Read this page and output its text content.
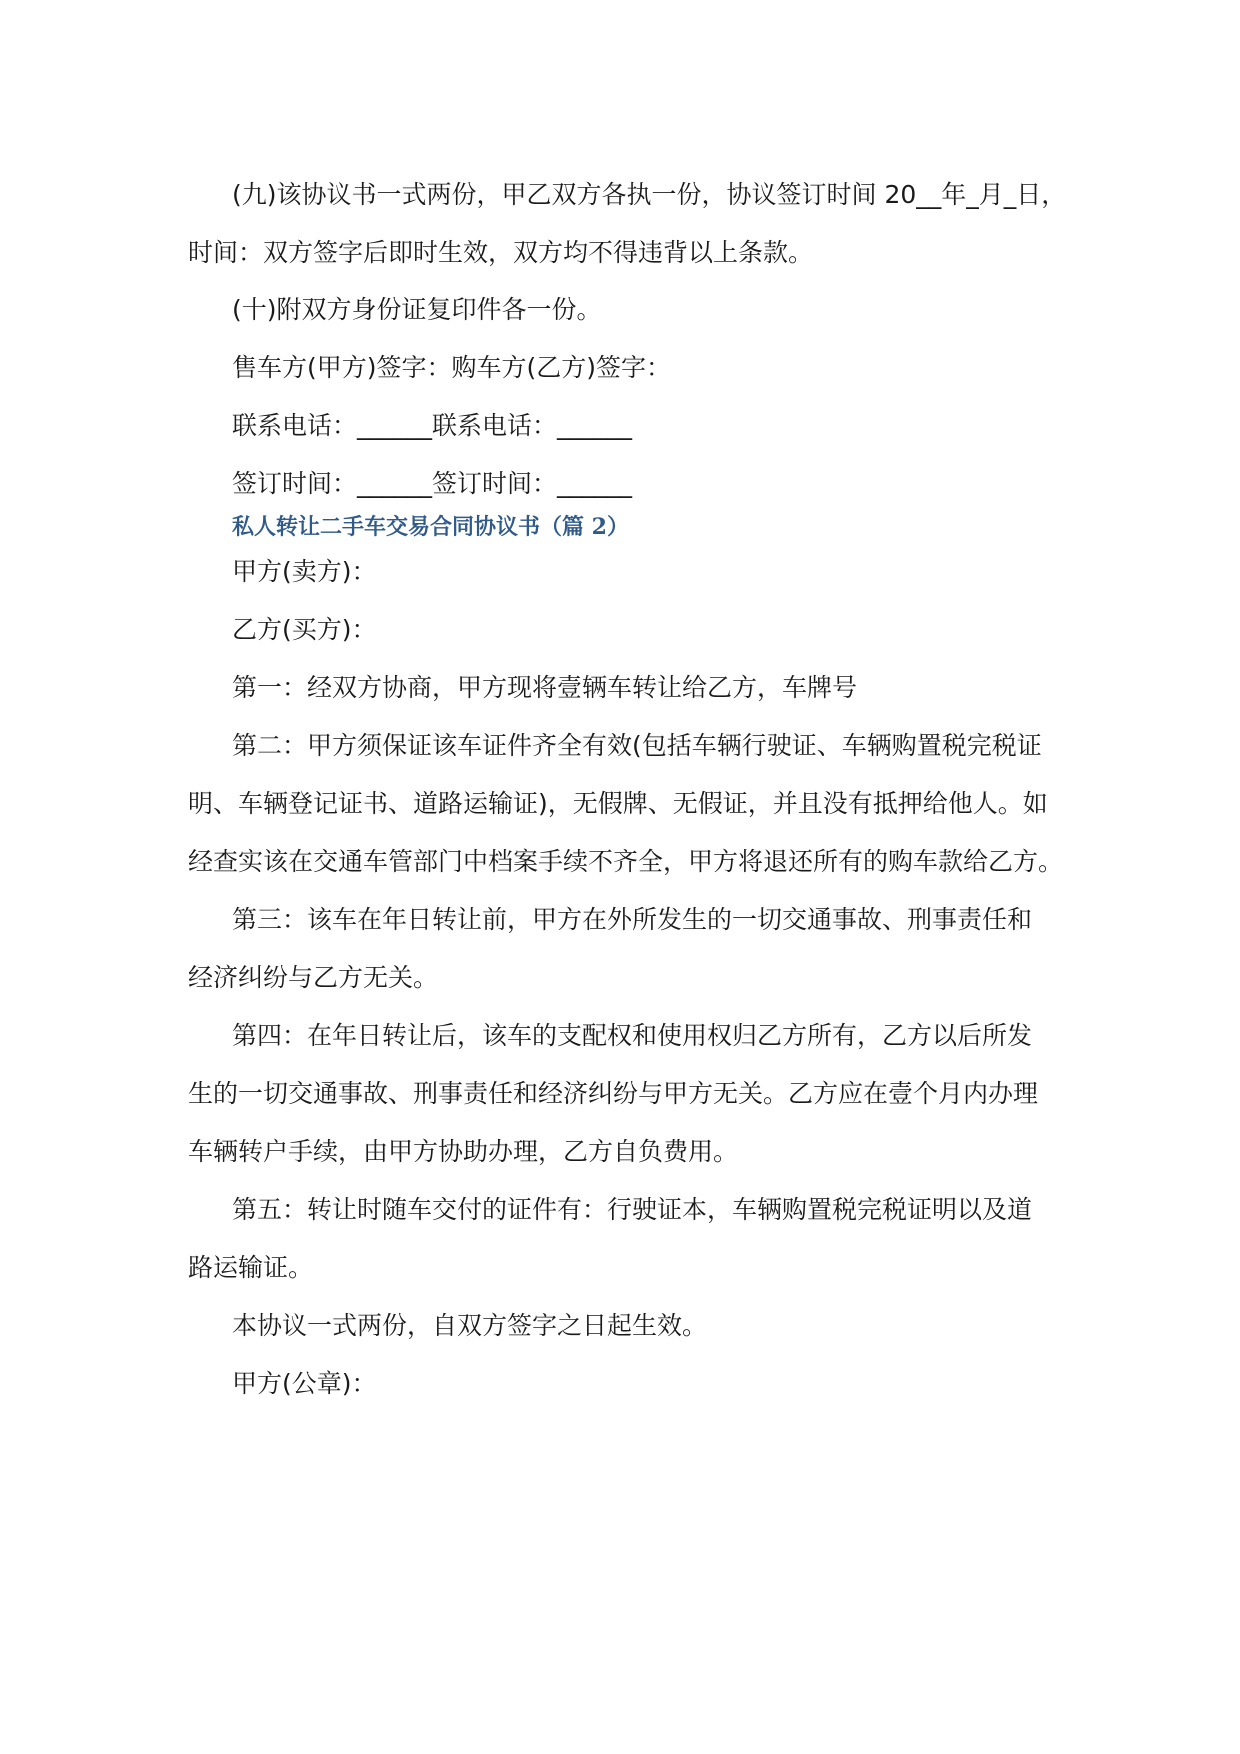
(九)该协议书一式两份，甲乙双方各执一份，协议签订时间 20__年_月_日，
时间：双方签字后即时生效，双方均不得违背以上条款。
(十)附双方身份证复印件各一份。
售车方(甲方)签字：购车方(乙方)签字：
联系电话：______联系电话：______
签订时间：______签订时间：______
私人转让二手车交易合同协议书（篇 2）
甲方(卖方)：
乙方(买方)：
第一：经双方协商，甲方现将壹辆车转让给乙方，车牌号
第二：甲方须保证该车证件齐全有效(包括车辆行驶证、车辆购置税完税证
明、车辆登记证书、道路运输证)，无假牌、无假证，并且没有抵押给他人。如
经查实该在交通车管部门中档案手续不齐全，甲方将退还所有的购车款给乙方。
第三：该车在年日转让前，甲方在外所发生的一切交通事故、刑事责任和
经济纠纷与乙方无关。
第四：在年日转让后，该车的支配权和使用权归乙方所有，乙方以后所发
生的一切交通事故、刑事责任和经济纠纷与甲方无关。乙方应在壹个月内办理
车辆转户手续，由甲方协助办理，乙方自负费用。
第五：转让时随车交付的证件有：行驶证本，车辆购置税完税证明以及道
路运输证。
本协议一式两份，自双方签字之日起生效。
甲方(公章)：
